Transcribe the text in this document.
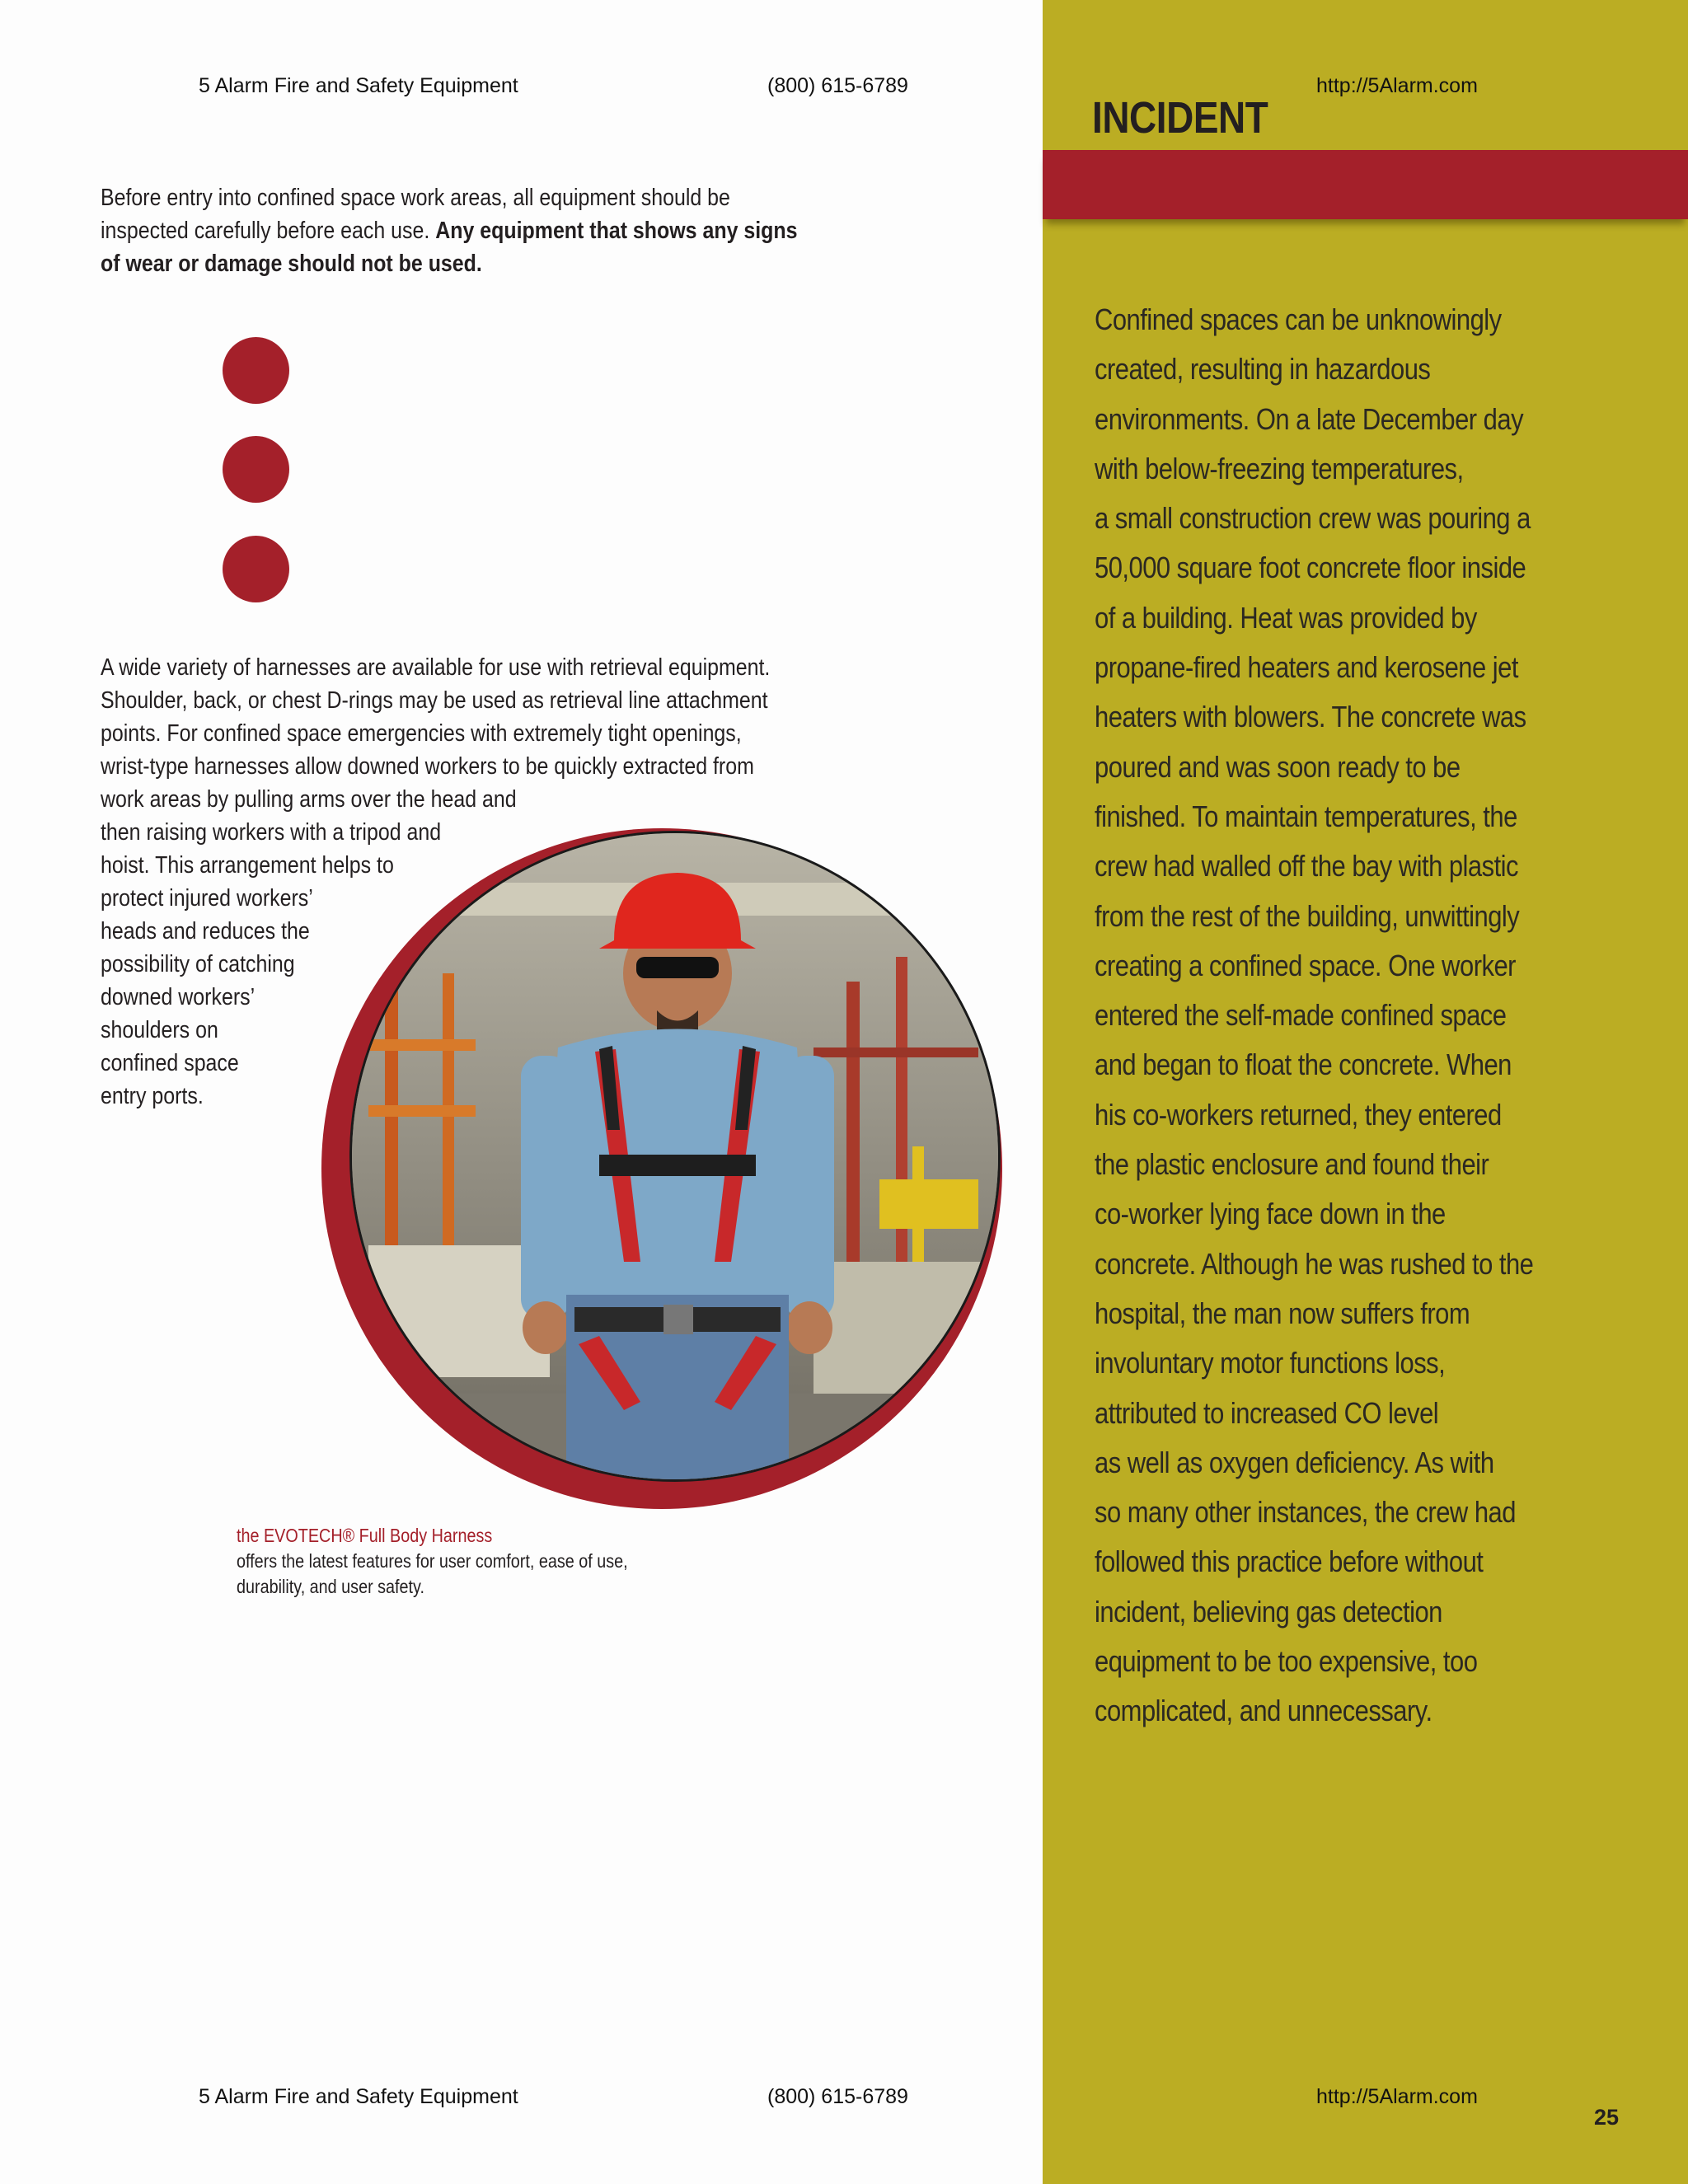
5 Alarm Fire and Safety Equipment	(800) 615-6789	http://5Alarm.com
INCIDENT
Before entry into confined space work areas, all equipment should be
inspected carefully before each use. Any equipment that shows any signs
of wear or damage should not be used.
A wide variety of harnesses are available for use with retrieval equipment.
Shoulder, back, or chest D-rings may be used as retrieval line attachment
points. For confined space emergencies with extremely tight openings,
wrist-type harnesses allow downed workers to be quickly extracted from
work areas by pulling arms over the head and
then raising workers with a tripod and
hoist. This arrangement helps to
protect injured workers’
heads and reduces the
possibility of catching
downed workers’
shoulders on
confined space
entry ports.
the EVOTECH® Full Body Harness
offers the latest features for user comfort, ease of use,
durability, and user safety.
Confined spaces can be unknowingly
created, resulting in hazardous
environments. On a late December day
with below-freezing temperatures,
a small construction crew was pouring a
50,000 square foot concrete floor inside
of a building. Heat was provided by
propane-fired heaters and kerosene jet
heaters with blowers. The concrete was
poured and was soon ready to be
finished. To maintain temperatures, the
crew had walled off the bay with plastic
from the rest of the building, unwittingly
creating a confined space. One worker
entered the self-made confined space
and began to float the concrete. When
his co-workers returned, they entered
the plastic enclosure and found their
co-worker lying face down in the
concrete. Although he was rushed to the
hospital, the man now suffers from
involuntary motor functions loss,
attributed to increased CO level
as well as oxygen deficiency. As with
so many other instances, the crew had
followed this practice before without
incident, believing gas detection
equipment to be too expensive, too
complicated, and unnecessary.
5 Alarm Fire and Safety Equipment	(800) 615-6789	http://5Alarm.com
25
